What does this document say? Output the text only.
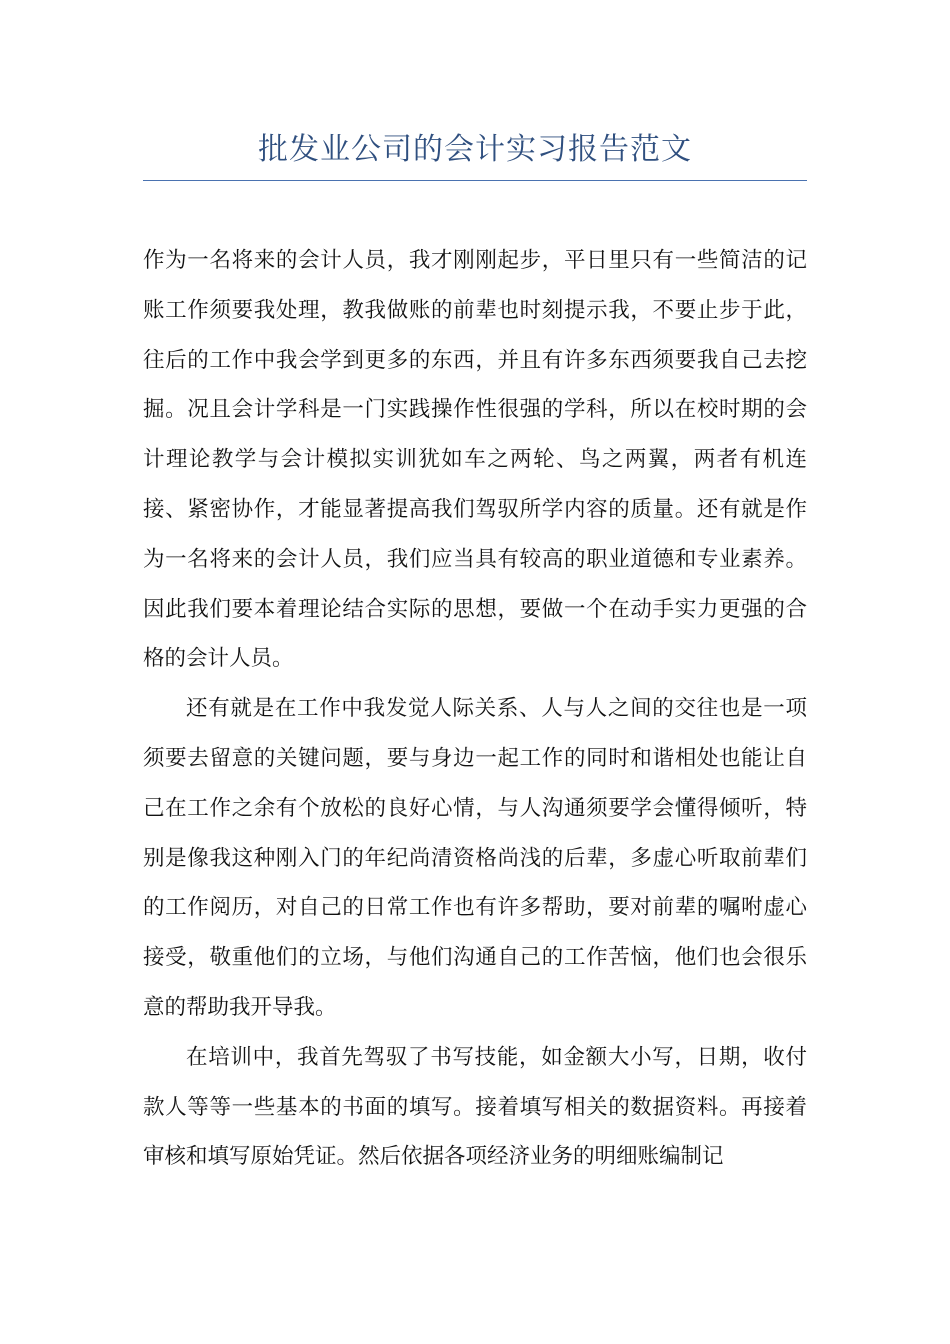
批发业公司的会计实习报告范文

作为一名将来的会计人员，我才刚刚起步，平日里只有一些简洁的记账工作须要我处理，教我做账的前辈也时刻提示我，不要止步于此，往后的工作中我会学到更多的东西，并且有许多东西须要我自己去挖掘。况且会计学科是一门实践操作性很强的学科，所以在校时期的会计理论教学与会计模拟实训犹如车之两轮、鸟之两翼，两者有机连接、紧密协作，才能显著提高我们驾驭所学内容的质量。还有就是作为一名将来的会计人员，我们应当具有较高的职业道德和专业素养。因此我们要本着理论结合实际的思想，要做一个在动手实力更强的合格的会计人员。

还有就是在工作中我发觉人际关系、人与人之间的交往也是一项须要去留意的关键问题，要与身边一起工作的同时和谐相处也能让自己在工作之余有个放松的良好心情，与人沟通须要学会懂得倾听，特别是像我这种刚入门的年纪尚清资格尚浅的后辈，多虚心听取前辈们的工作阅历，对自己的日常工作也有许多帮助，要对前辈的嘱咐虚心接受，敬重他们的立场，与他们沟通自己的工作苦恼，他们也会很乐意的帮助我开导我。

在培训中，我首先驾驭了书写技能，如金额大小写，日期，收付款人等等一些基本的书面的填写。接着填写相关的数据资料。再接着审核和填写原始凭证。然后依据各项经济业务的明细账编制记
